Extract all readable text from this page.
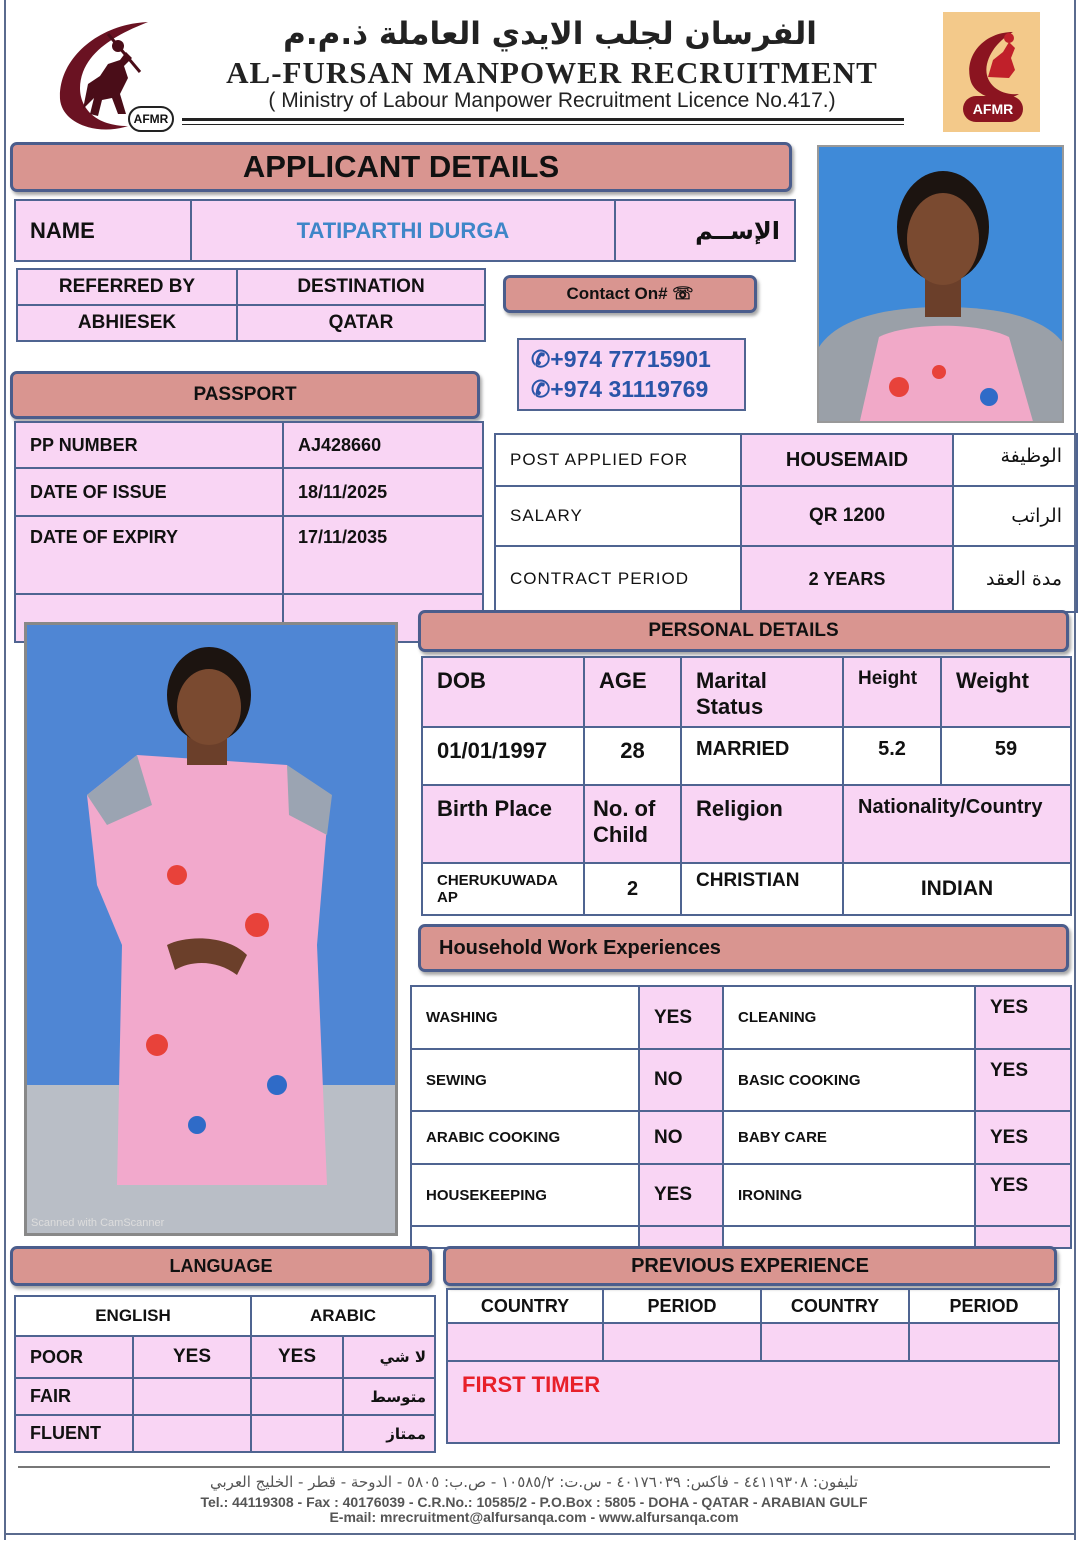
AFMR
الفرسان لجلب الايدي العاملة ذ.م.م
AL-FURSAN MANPOWER RECRUITMENT
( Ministry of Labour Manpower Recruitment Licence No.417.)	AFMR
APPLICANT DETAILS
NAME	TATIPARTHI DURGA	الإســم
REFERRED BY	DESTINATION
ABHIESEK	QATAR
Contact On# ☏
✆+974 77715901
✆+974 31119769
PASSPORT
PP NUMBER	AJ428660
DATE OF ISSUE	18/11/2025
DATE OF EXPIRY	17/11/2035

POST APPLIED FOR	HOUSEMAID	الوظيفة
SALARY	QR 1200	الراتب
CONTRACT PERIOD	2 YEARS	مدة العقد
Scanned with CamScanner
PERSONAL DETAILS
DOB	AGE	Marital Status	Height	Weight
01/01/1997	28	MARRIED	5.2	59
Birth Place	No. of Child	Religion	Nationality/Country	
CHERUKUWADA AP	2	CHRISTIAN	INDIAN	
Household Work Experiences
WASHING	YES	CLEANING	YES
SEWING	NO	BASIC COOKING	YES
ARABIC COOKING	NO	BABY CARE	YES
HOUSEKEEPING	YES	IRONING	YES

LANGUAGE
ENGLISH		ARABIC	
POOR	YES	YES	لا شي
FAIR			متوسط
FLUENT			ممتاز
PREVIOUS EXPERIENCE
COUNTRY	PERIOD	COUNTRY	PERIOD

FIRST TIMER			
تليفون: ٤٤١١٩٣٠٨ - فاكس: ٤٠١٧٦٠٣٩ - س.ت: ١٠٥٨٥/٢ - ص.ب: ٥٨٠٥ - الدوحة - قطر - الخليج العربي
Tel.: 44119308 - Fax : 40176039 - C.R.No.: 10585/2 - P.O.Box : 5805 - DOHA - QATAR - ARABIAN GULF
E-mail: mrecruitment@alfursanqa.com - www.alfursanqa.com
